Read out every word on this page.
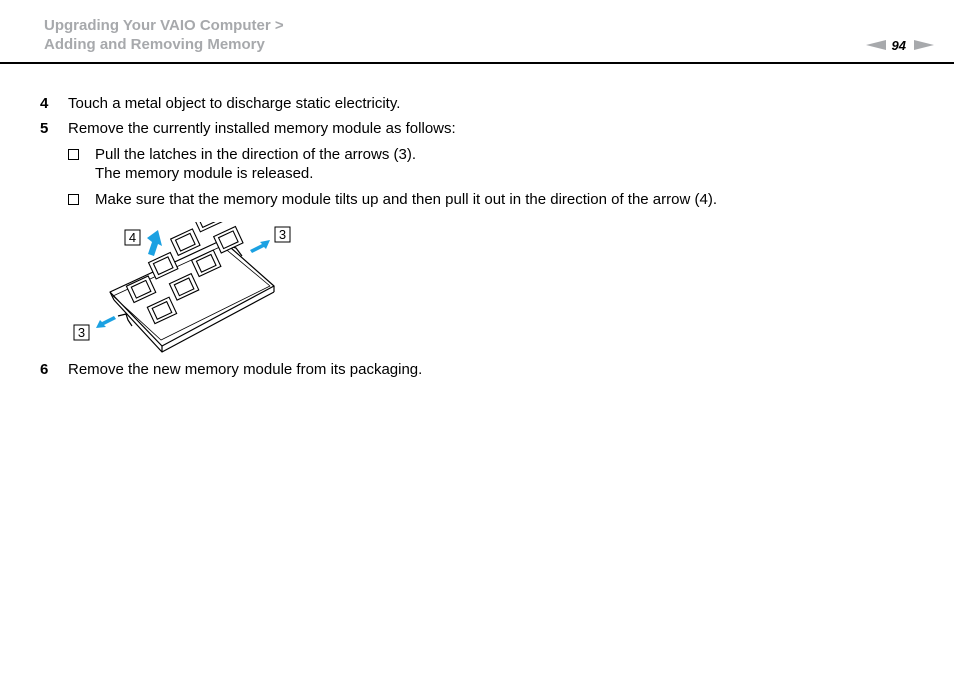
Upgrading Your VAIO Computer >
Adding and Removing Memory	94
4 Touch a metal object to discharge static electricity.
5 Remove the currently installed memory module as follows:
Pull the latches in the direction of the arrows (3).
The memory module is released.
Make sure that the memory module tilts up and then pull it out in the direction of the arrow (4).
4	3
3
6 Remove the new memory module from its packaging.
